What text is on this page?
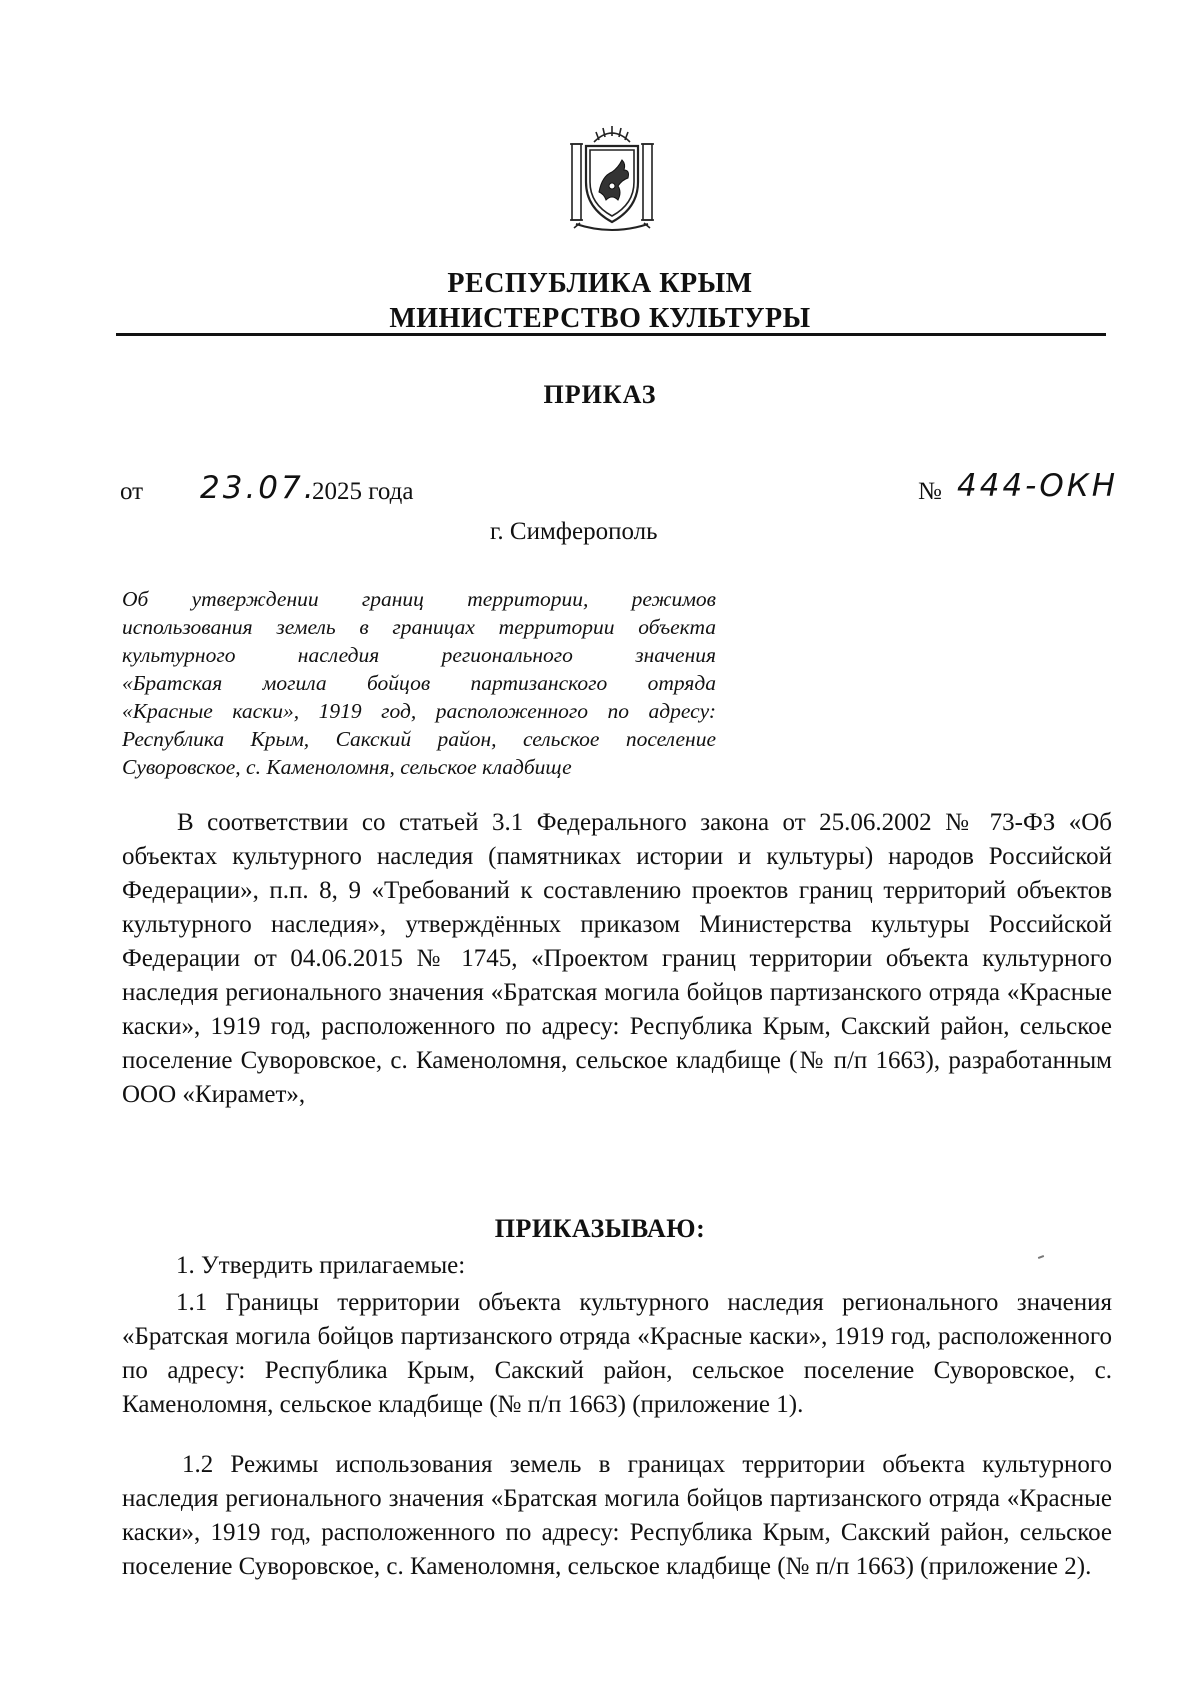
РЕСПУБЛИКА КРЫМ
МИНИСТЕРСТВО КУЛЬТУРЫ
ПРИКАЗ
от 23.07.
2025 года	№ 444-ОКН
г. Симферополь
Об утверждении границ территории, режимов
использования земель в границах территории объекта
культурного наследия регионального значения
«Братская могила бойцов партизанского отряда
«Красные каски», 1919 год, расположенного по адресу:
Республика Крым, Сакский район, сельское поселение
Суворовское, с. Каменоломня, сельское кладбище
В соответствии со статьей 3.1 Федерального закона от 25.06.2002 № 73-ФЗ «Об объектах культурного наследия (памятниках истории и культуры) народов Российской Федерации», п.п. 8, 9 «Требований к составлению проектов границ территорий объектов культурного наследия», утверждённых приказом Министерства культуры Российской Федерации от 04.06.2015 № 1745, «Проектом границ территории объекта культурного наследия регионального значения «Братская могила бойцов партизанского отряда «Красные каски», 1919 год, расположенного по адресу: Республика Крым, Сакский район, сельское поселение Суворовское, с. Каменоломня, сельское кладбище (№ п/п 1663), разработанным ООО «Кирамет»,
ПРИКАЗЫВАЮ:
1. Утвердить прилагаемые:
1.1 Границы территории объекта культурного наследия регионального значения «Братская могила бойцов партизанского отряда «Красные каски», 1919 год, расположенного по адресу: Республика Крым, Сакский район, сельское поселение Суворовское, с. Каменоломня, сельское кладбище (№ п/п 1663) (приложение 1).
1.2 Режимы использования земель в границах территории объекта культурного наследия регионального значения «Братская могила бойцов партизанского отряда «Красные каски», 1919 год, расположенного по адресу: Республика Крым, Сакский район, сельское поселение Суворовское, с. Каменоломня, сельское кладбище (№ п/п 1663) (приложение 2).
